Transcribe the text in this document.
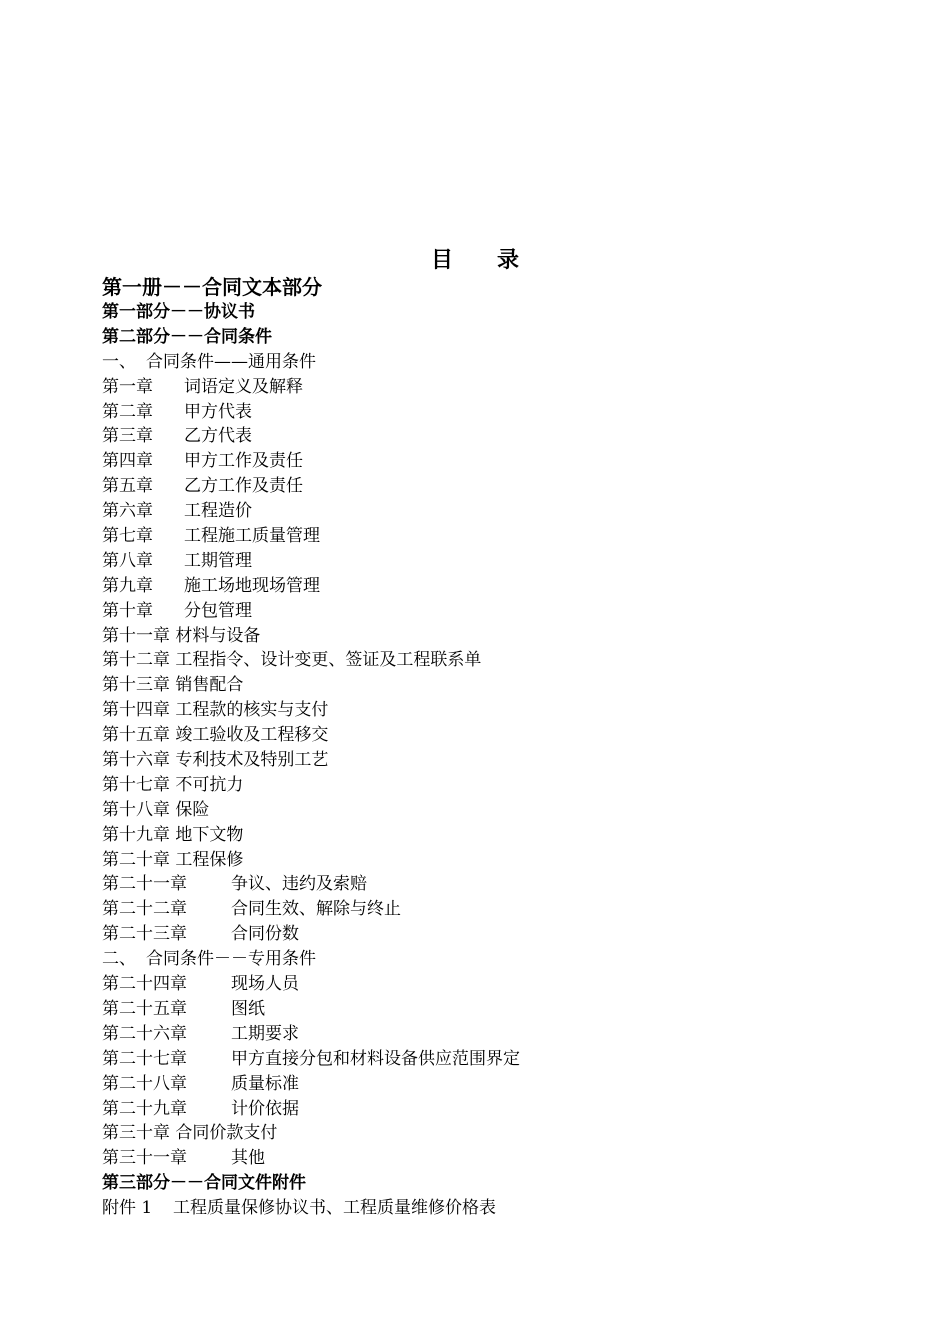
目　　录
第一册－－合同文本部分
第一部分－－协议书
第二部分－－合同条件
一、 合同条件——通用条件
第一章 词语定义及解释
第二章 甲方代表
第三章 乙方代表
第四章 甲方工作及责任
第五章 乙方工作及责任
第六章 工程造价
第七章 工程施工质量管理
第八章 工期管理
第九章 施工场地现场管理
第十章 分包管理
第十一章 材料与设备
第十二章 工程指令、设计变更、签证及工程联系单
第十三章 销售配合
第十四章 工程款的核实与支付
第十五章 竣工验收及工程移交
第十六章 专利技术及特别工艺
第十七章 不可抗力
第十八章 保险
第十九章 地下文物
第二十章 工程保修
第二十一章	争议、违约及索赔
第二十二章	合同生效、解除与终止
第二十三章	合同份数
二、 合同条件－－专用条件
第二十四章	现场人员
第二十五章	图纸
第二十六章	工期要求
第二十七章	甲方直接分包和材料设备供应范围界定
第二十八章	质量标准
第二十九章	计价依据
第三十章 合同价款支付
第三十一章	其他
第三部分－－合同文件附件
附件 1 工程质量保修协议书、工程质量维修价格表
